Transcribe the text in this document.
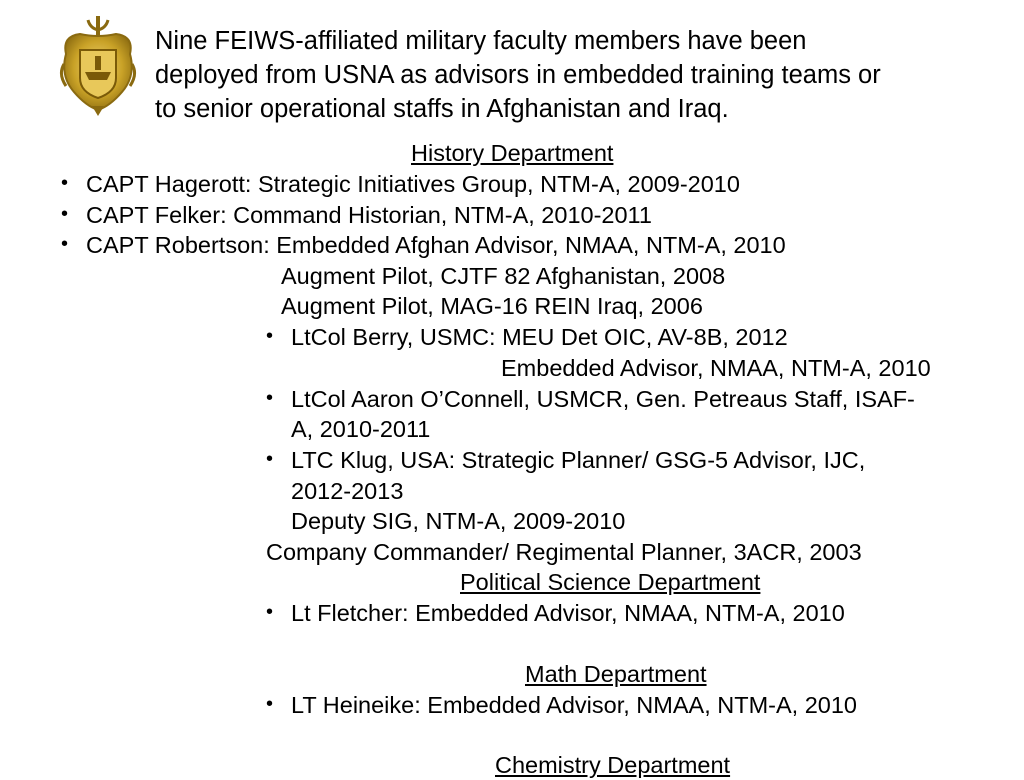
Nine FEIWS-affiliated military faculty members have been
deployed from USNA as advisors in embedded training teams or
to senior operational staffs in Afghanistan and Iraq.
History Department
• CAPT Hagerott: Strategic Initiatives Group, NTM-A, 2009-2010
• CAPT Felker: Command Historian, NTM-A, 2010-2011
• CAPT Robertson: Embedded Afghan Advisor, NMAA, NTM-A, 2010
Augment Pilot, CJTF 82 Afghanistan, 2008
Augment Pilot, MAG-16 REIN Iraq, 2006
• LtCol Berry, USMC: MEU Det OIC, AV-8B, 2012
Embedded Advisor, NMAA, NTM-A, 2010
• LtCol Aaron O’Connell, USMCR, Gen. Petreaus Staff, ISAF-
A, 2010-2011
• LTC Klug, USA: Strategic Planner/ GSG-5 Advisor, IJC,
2012-2013
Deputy SIG, NTM-A, 2009-2010
Company Commander/ Regimental Planner, 3ACR, 2003
Political Science Department
• Lt Fletcher: Embedded Advisor, NMAA, NTM-A, 2010
Math Department
• LT Heineike: Embedded Advisor, NMAA, NTM-A, 2010
Chemistry Department
